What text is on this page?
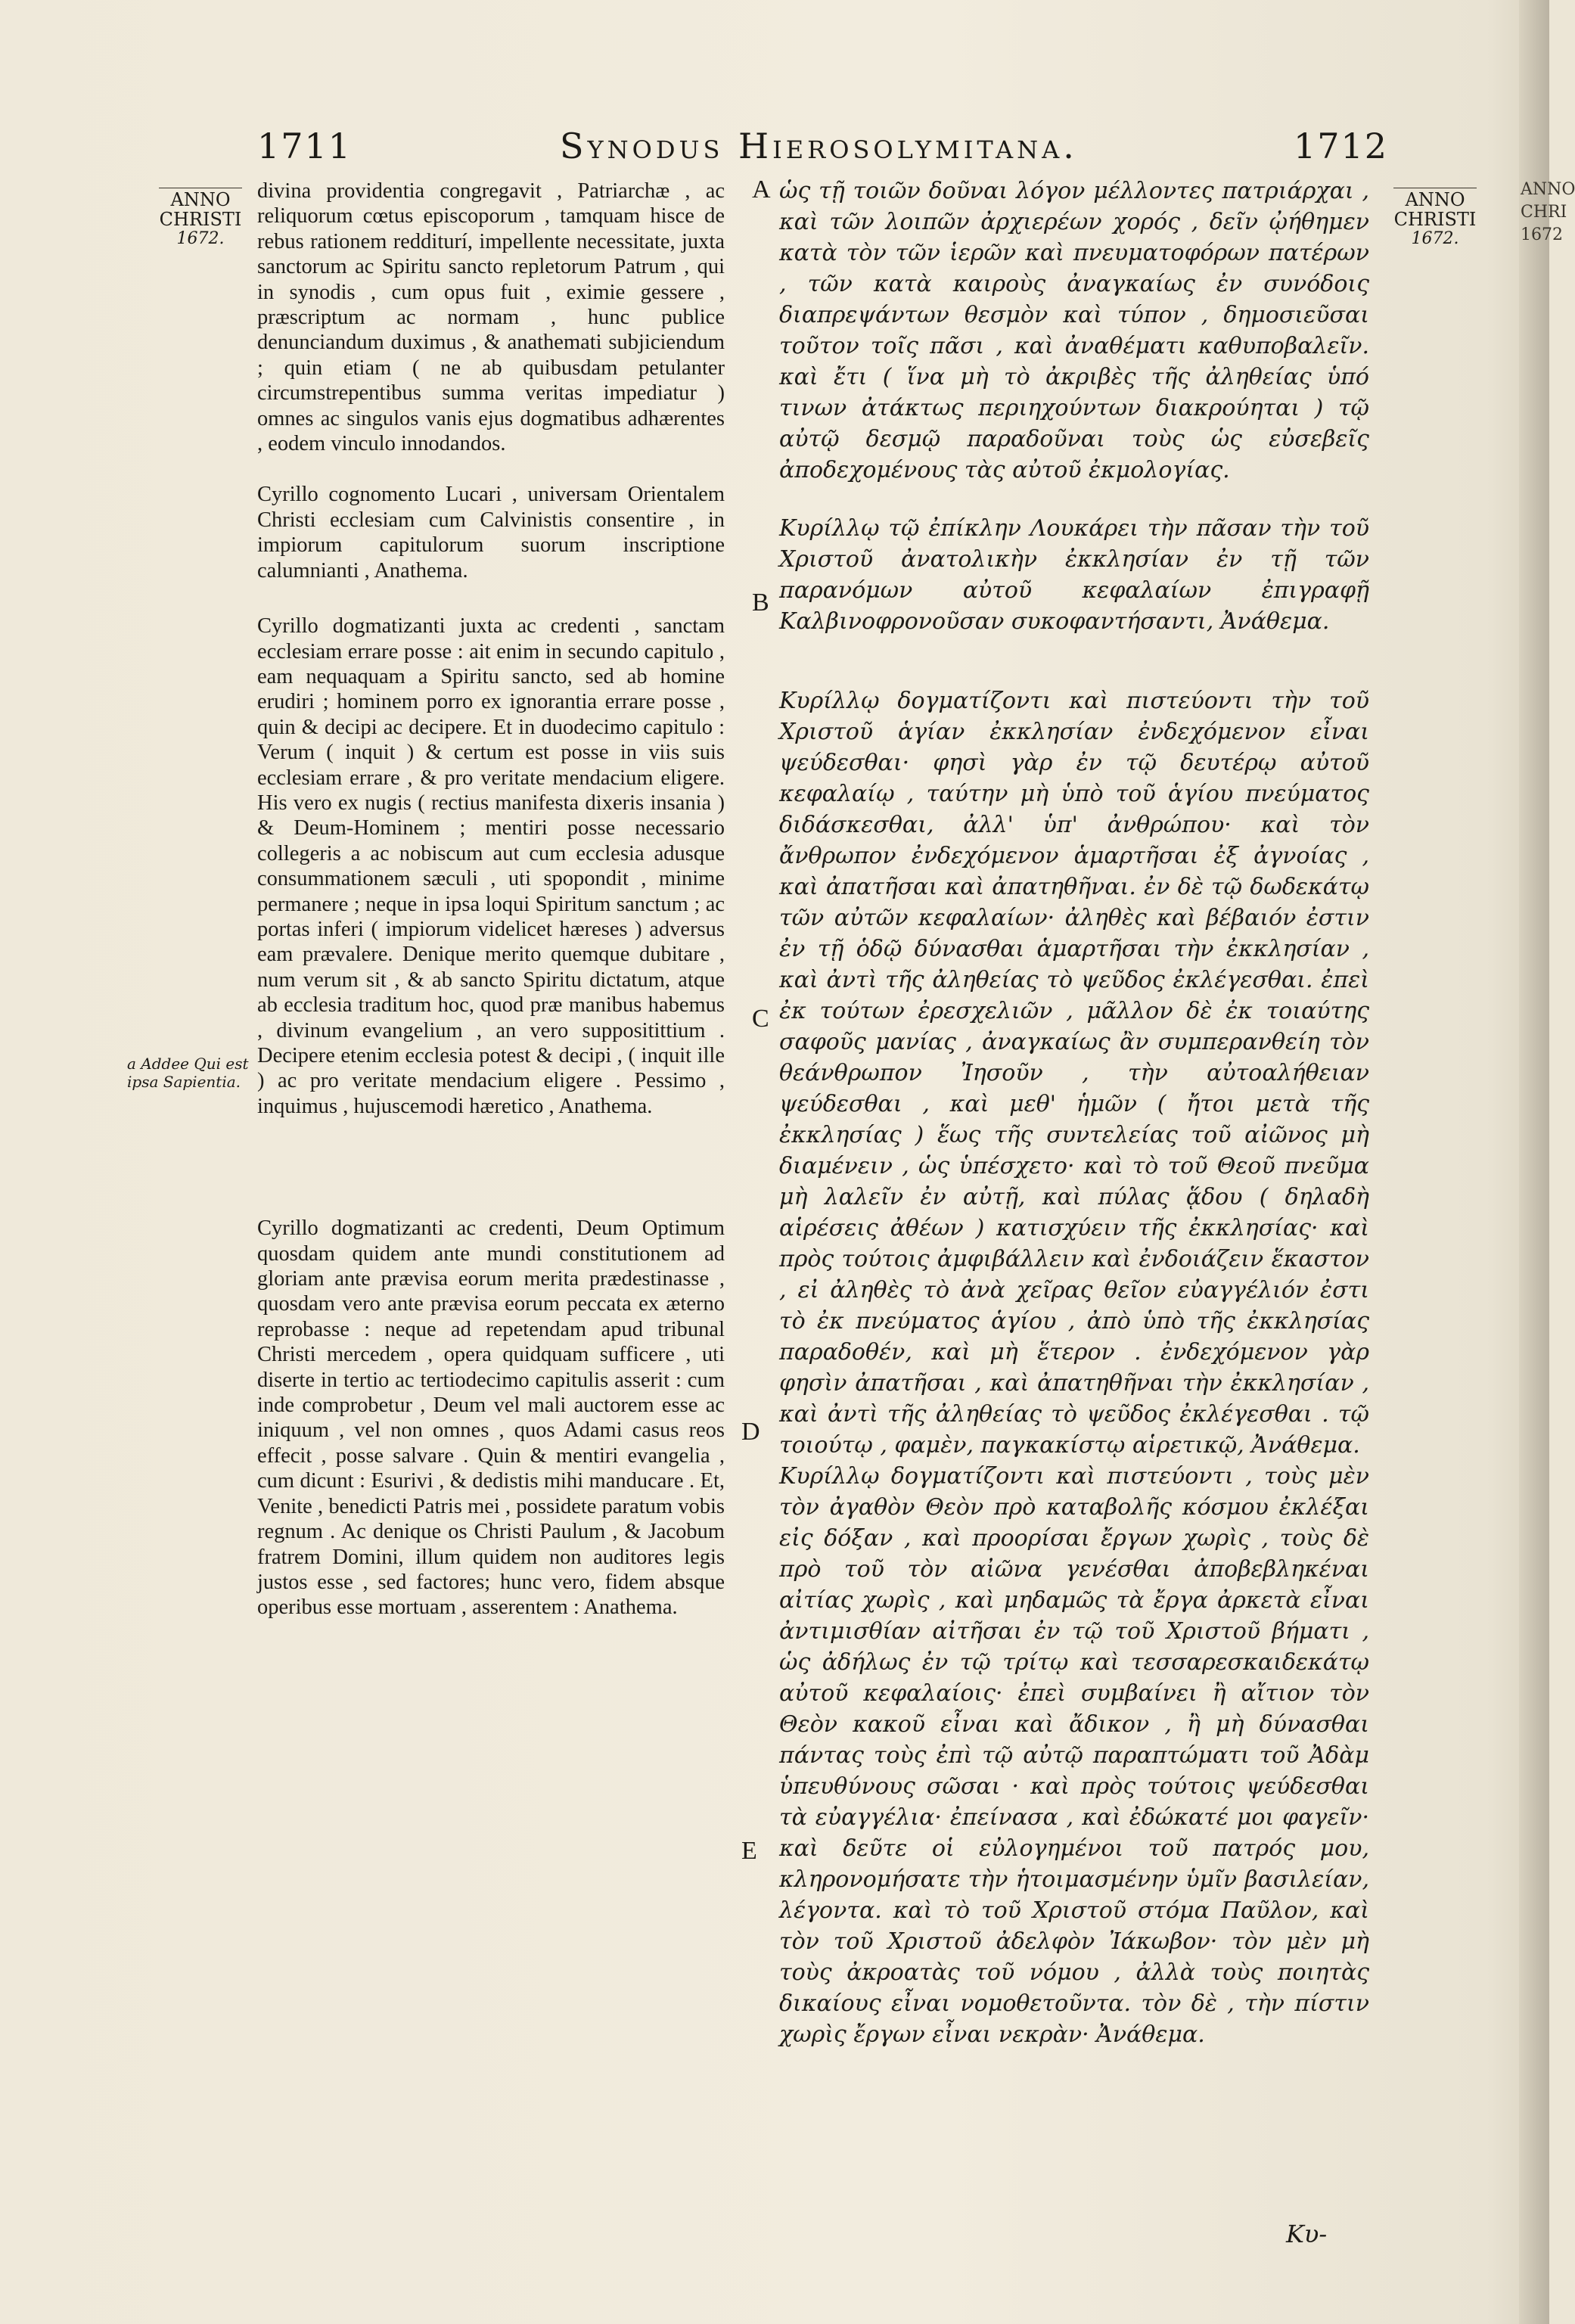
1711	Synodus Hierosolymitana.	1712
ANNO CHRISTI
1672.
ANNO CHRISTI
1672.
a Addee Qui est ipsa Sapientia.

divina providentia congregavit , Patriarchæ , ac reliquorum cœtus episcoporum , tamquam hisce de rebus rationem redditurí, impellente necessitate, juxta sanctorum ac Spiritu sancto repletorum Patrum , qui in synodis , cum opus fuit , eximie gessere , præscriptum ac normam , hunc publice denunciandum duximus , & anathemati subjiciendum ; quin etiam ( ne ab quibusdam petulanter circumstrepentibus summa veritas impediatur ) omnes ac singulos vanis ejus dogmatibus adhærentes , eodem vinculo innodandos.

Cyrillo cognomento Lucari , universam Orientalem Christi ecclesiam cum Calvinistis consentire , in impiorum capitulorum suorum inscriptione calumnianti , Anathema.

Cyrillo dogmatizanti juxta ac credenti , sanctam ecclesiam errare posse : ait enim in secundo capitulo , eam nequaquam a Spiritu sancto, sed ab homine erudiri ; hominem porro ex ignorantia errare posse , quin & decipi ac decipere. Et in duodecimo capitulo : Verum ( inquit ) & certum est posse in viis suis ecclesiam errare , & pro veritate mendacium eligere. His vero ex nugis ( rectius manifesta dixeris insania ) & Deum-Hominem ; mentiri posse necessario collegeris a ac nobiscum aut cum ecclesia adusque consummationem sæculi , uti spopondit , minime permanere ; neque in ipsa loqui Spiritum sanctum ; ac portas inferi ( impiorum videlicet hæreses ) adversus eam prævalere. Denique merito quemque dubitare , num verum sit , & ab sancto Spiritu dictatum, atque ab ecclesia traditum hoc, quod præ manibus habemus , divinum evangelium , an vero suppositittium . Decipere etenim ecclesia potest & decipi , ( inquit ille ) ac pro veritate mendacium eligere . Pessimo , inquimus , hujuscemodi hæretico , Anathema.

Cyrillo dogmatizanti ac credenti, Deum Optimum quosdam quidem ante mundi constitutionem ad gloriam ante prævisa eorum merita prædestinasse , quosdam vero ante prævisa eorum peccata ex æterno reprobasse : neque ad repetendam apud tribunal Christi mercedem , opera quidquam sufficere , uti diserte in tertio ac tertiodecimo capitulis asserit : cum inde comprobetur , Deum vel mali auctorem esse ac iniquum , vel non omnes , quos Adami casus reos effecit , posse salvare . Quin & mentiri evangelia , cum dicunt : Esurivi , & dedistis mihi manducare . Et, Venite , benedicti Patris mei , possidete paratum vobis regnum . Ac denique os Christi Paulum , & Jacobum fratrem Domini, illum quidem non auditores legis justos esse , sed factores; hunc vero, fidem absque operibus esse mortuam , asserentem : Anathema.

A
B
C
D
E

ὡς τῇ τοιῶν δοῦναι λόγον μέλλοντες πατριάρχαι , καὶ τῶν λοιπῶν ἀρχιερέων χορός , δεῖν ᾠήθημεν κατὰ τὸν τῶν ἱερῶν καὶ πνευματοφόρων πατέρων , τῶν κατὰ καιροὺς ἀναγκαίως ἐν συνόδοις διαπρεψάντων θεσμὸν καὶ τύπον , δημοσιεῦσαι τοῦτον τοῖς πᾶσι , καὶ ἀναθέματι καθυποβαλεῖν. καὶ ἔτι ( ἵνα μὴ τὸ ἀκριβὲς τῆς ἀληθείας ὑπό τινων ἀτάκτως περιηχούντων διακρούηται ) τῷ αὐτῷ δεσμῷ παραδοῦναι τοὺς ὡς εὐσεβεῖς ἀποδεχομένους τὰς αὐτοῦ ἐκμολογίας.

Κυρίλλῳ τῷ ἐπίκλην Λουκάρει τὴν πᾶσαν τὴν τοῦ Χριστοῦ ἀνατολικὴν ἐκκλησίαν ἐν τῇ τῶν παρανόμων αὐτοῦ κεφαλαίων ἐπιγραφῇ Καλβινοφρονοῦσαν συκοφαντήσαντι, Ἀνάθεμα.

Κυρίλλῳ δογματίζοντι καὶ πιστεύοντι τὴν τοῦ Χριστοῦ ἁγίαν ἐκκλησίαν ἐνδεχόμενον εἶναι ψεύδεσθαι· φησὶ γὰρ ἐν τῷ δευτέρῳ αὐτοῦ κεφαλαίῳ , ταύτην μὴ ὑπὸ τοῦ ἁγίου πνεύματος διδάσκεσθαι, ἀλλ' ὑπ' ἀνθρώπου· καὶ τὸν ἄνθρωπον ἐνδεχόμενον ἁμαρτῆσαι ἐξ ἀγνοίας , καὶ ἀπατῆσαι καὶ ἀπατηθῆναι. ἐν δὲ τῷ δωδεκάτῳ τῶν αὐτῶν κεφαλαίων· ἀληθὲς καὶ βέβαιόν ἐστιν ἐν τῇ ὁδῷ δύνασθαι ἁμαρτῆσαι τὴν ἐκκλησίαν , καὶ ἀντὶ τῆς ἀληθείας τὸ ψεῦδος ἐκλέγεσθαι. ἐπεὶ ἐκ τούτων ἐρεσχελιῶν , μᾶλλον δὲ ἐκ τοιαύτης σαφοῦς μανίας , ἀναγκαίως ἂν συμπερανθείη τὸν θεάνθρωπον Ἰησοῦν , τὴν αὐτοαλήθειαν ψεύδεσθαι , καὶ μεθ' ἡμῶν ( ἤτοι μετὰ τῆς ἐκκλησίας ) ἕως τῆς συντελείας τοῦ αἰῶνος μὴ διαμένειν , ὡς ὑπέσχετο· καὶ τὸ τοῦ Θεοῦ πνεῦμα μὴ λαλεῖν ἐν αὐτῇ, καὶ πύλας ᾅδου ( δηλαδὴ αἱρέσεις ἀθέων ) κατισχύειν τῆς ἐκκλησίας· καὶ πρὸς τούτοις ἀμφιβάλλειν καὶ ἐνδοιάζειν ἕκαστον , εἰ ἀληθὲς τὸ ἀνὰ χεῖρας θεῖον εὐαγγέλιόν ἐστι τὸ ἐκ πνεύματος ἁγίου , ἀπὸ ὑπὸ τῆς ἐκκλησίας παραδοθέν, καὶ μὴ ἕτερον . ἐνδεχόμενον γὰρ φησὶν ἀπατῆσαι , καὶ ἀπατηθῆναι τὴν ἐκκλησίαν , καὶ ἀντὶ τῆς ἀληθείας τὸ ψεῦδος ἐκλέγεσθαι . τῷ τοιούτῳ , φαμὲν, παγκακίστῳ αἱρετικῷ, Ἀνάθεμα.

Κυρίλλῳ δογματίζοντι καὶ πιστεύοντι , τοὺς μὲν τὸν ἀγαθὸν Θεὸν πρὸ καταβολῆς κόσμου ἐκλέξαι εἰς δόξαν , καὶ προορίσαι ἔργων χωρὶς , τοὺς δὲ πρὸ τοῦ τὸν αἰῶνα γενέσθαι ἀποβεβληκέναι αἰτίας χωρὶς , καὶ μηδαμῶς τὰ ἔργα ἀρκετὰ εἶναι ἀντιμισθίαν αἰτῆσαι ἐν τῷ τοῦ Χριστοῦ βήματι , ὡς ἀδήλως ἐν τῷ τρίτῳ καὶ τεσσαρεσκαιδεκάτῳ αὐτοῦ κεφαλαίοις· ἐπεὶ συμβαίνει ἢ αἴτιον τὸν Θεὸν κακοῦ εἶναι καὶ ἄδικον , ἢ μὴ δύνασθαι πάντας τοὺς ἐπὶ τῷ αὐτῷ παραπτώματι τοῦ Ἀδὰμ ὑπευθύνους σῶσαι · καὶ πρὸς τούτοις ψεύδεσθαι τὰ εὐαγγέλια· ἐπείνασα , καὶ ἐδώκατέ μοι φαγεῖν· καὶ δεῦτε οἱ εὐλογημένοι τοῦ πατρός μου, κληρονομήσατε τὴν ἡτοιμασμένην ὑμῖν βασιλείαν, λέγοντα. καὶ τὸ τοῦ Χριστοῦ στόμα Παῦλον, καὶ τὸν τοῦ Χριστοῦ ἀδελφὸν Ἰάκωβον· τὸν μὲν μὴ τοὺς ἀκροατὰς τοῦ νόμου , ἀλλὰ τοὺς ποιητὰς δικαίους εἶναι νομοθετοῦντα. τὸν δὲ , τὴν πίστιν χωρὶς ἔργων εἶναι νεκρὰν· Ἀνάθεμα.

Κυ-
ANNO CHRI 1672
